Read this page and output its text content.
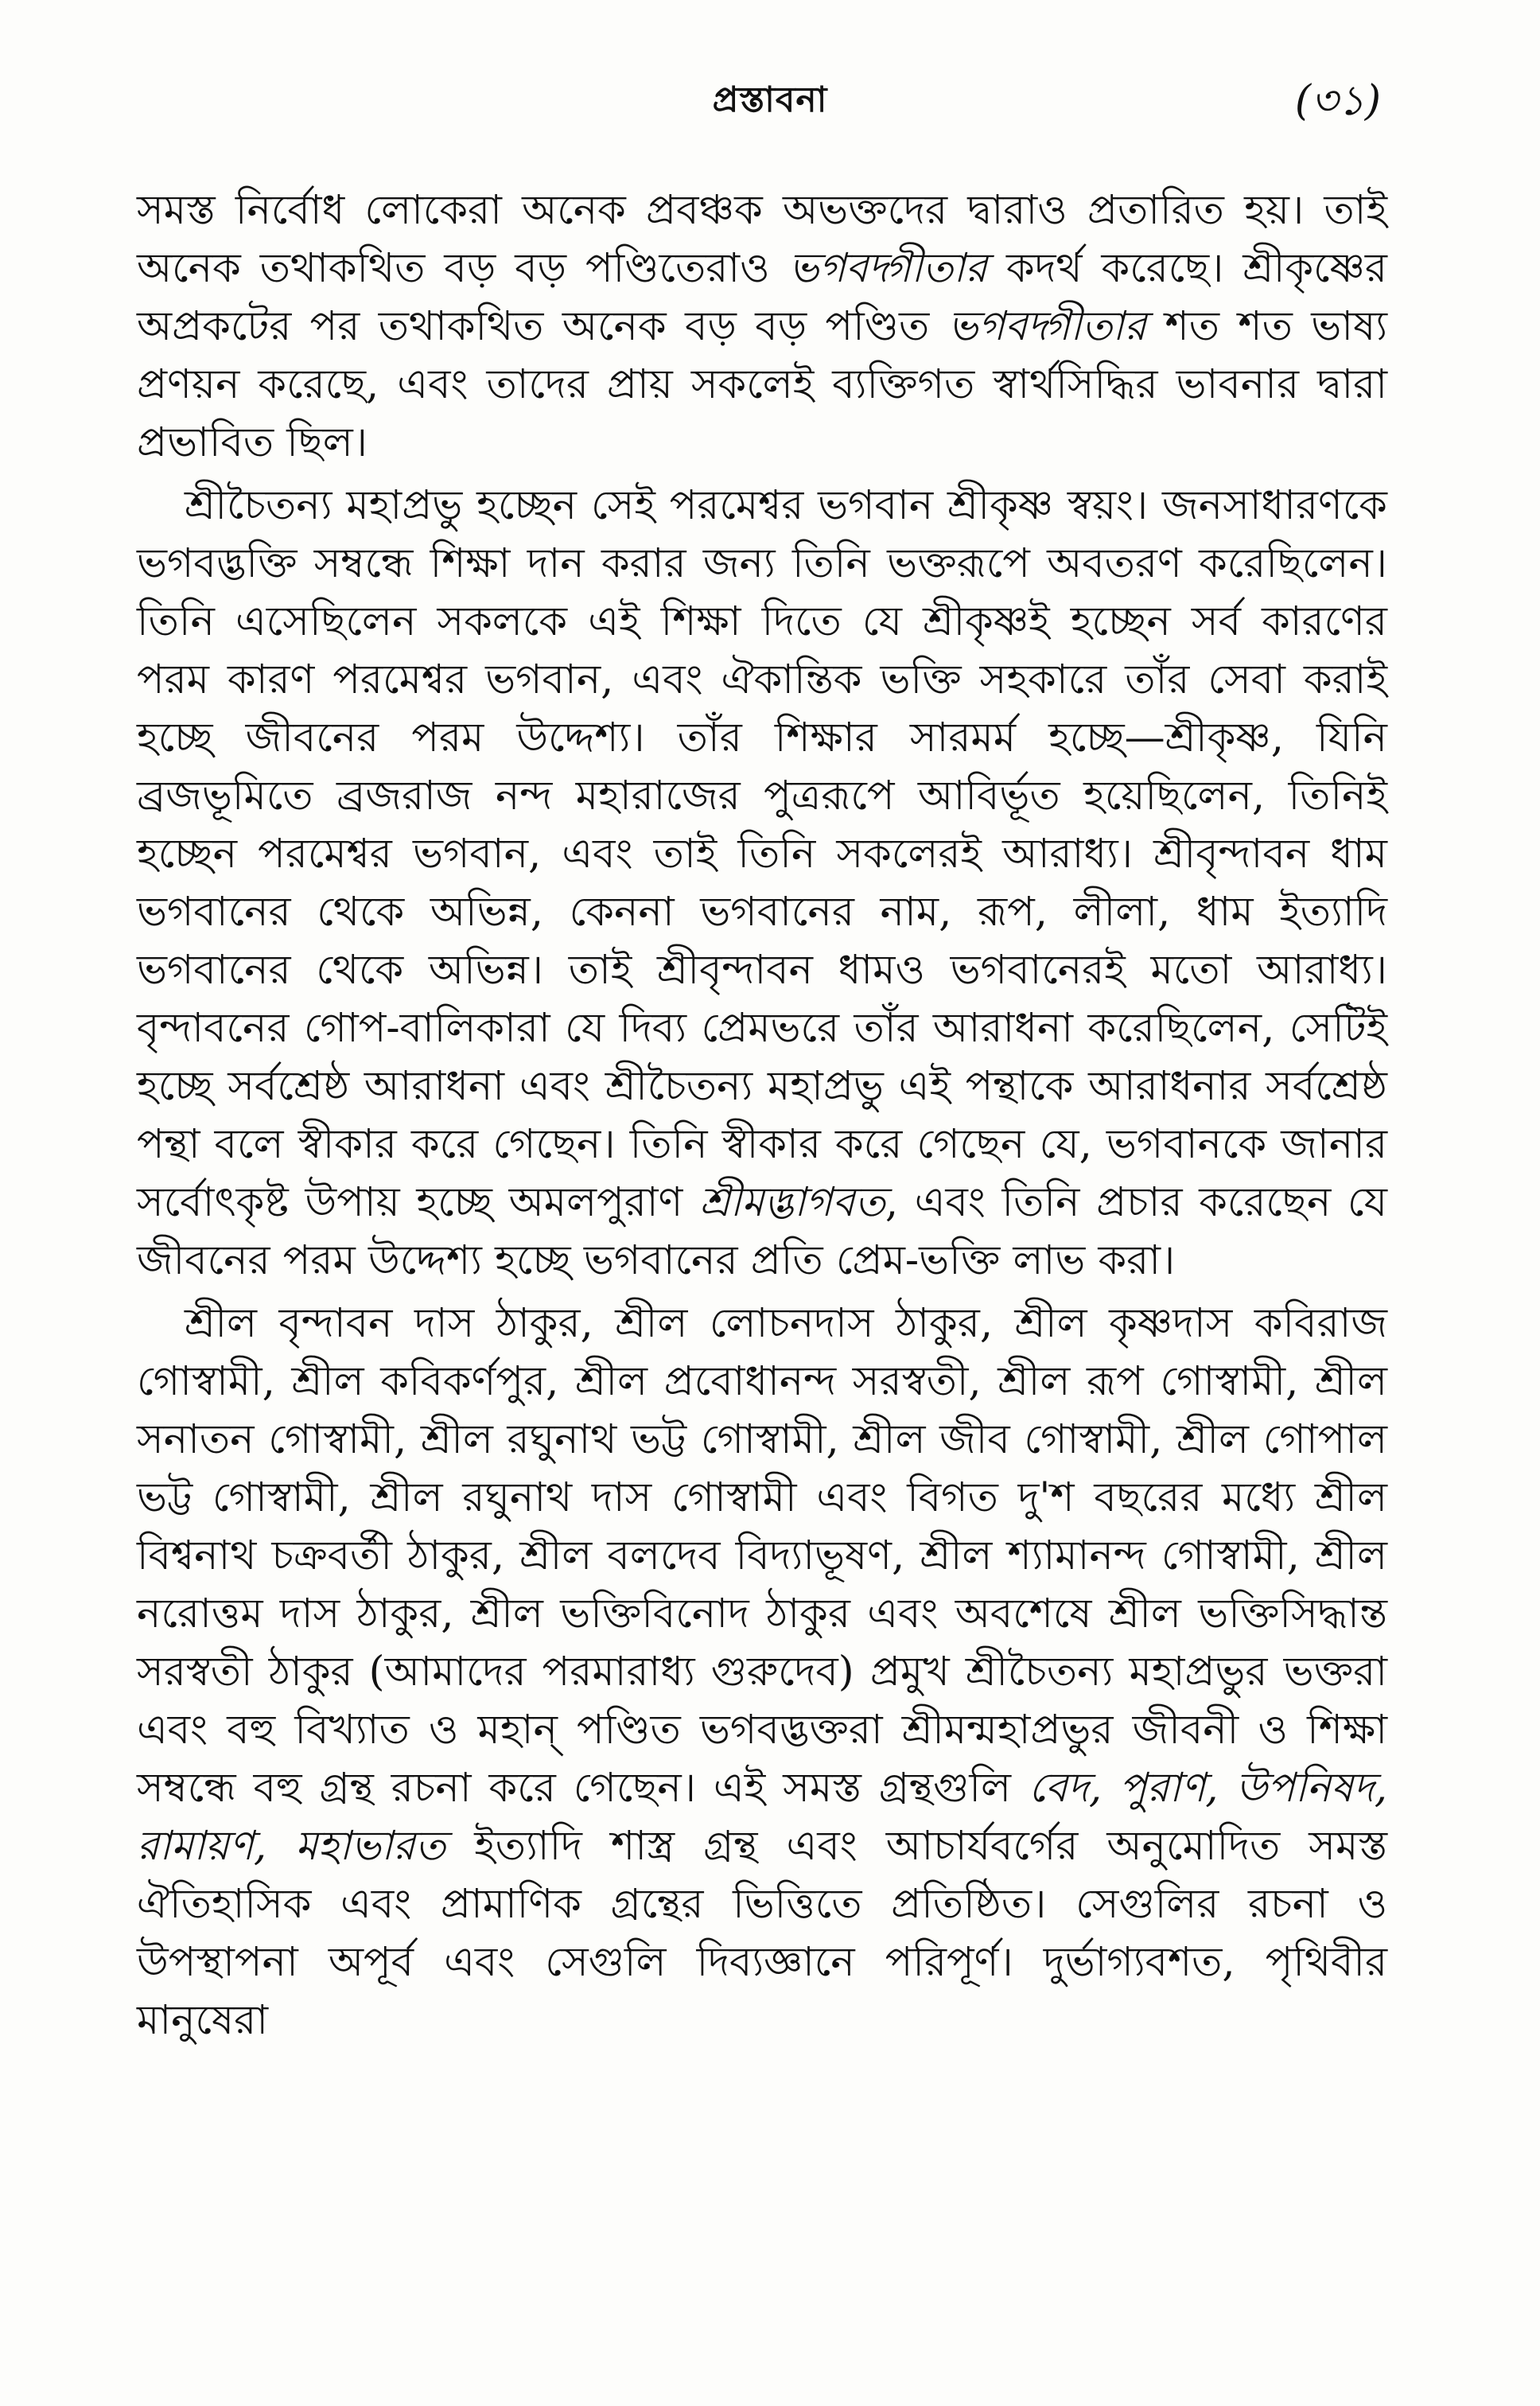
প্রস্তাবনা	(৩১)

সমস্ত নির্বোধ লোকেরা অনেক প্রবঞ্চক অভক্তদের দ্বারাও প্রতারিত হয়। তাই অনেক তথাকথিত বড় বড় পণ্ডিতেরাও ভগবদ্গীতার কদর্থ করেছে। শ্রীকৃষ্ণের অপ্রকটের পর তথাকথিত অনেক বড় বড় পণ্ডিত ভগবদ্গীতার শত শত ভাষ্য প্রণয়ন করেছে, এবং তাদের প্রায় সকলেই ব্যক্তিগত স্বার্থসিদ্ধির ভাবনার দ্বারা প্রভাবিত ছিল।

শ্রীচৈতন্য মহাপ্রভু হচ্ছেন সেই পরমেশ্বর ভগবান শ্রীকৃষ্ণ স্বয়ং। জনসাধারণকে ভগবদ্ভক্তি সম্বন্ধে শিক্ষা দান করার জন্য তিনি ভক্তরূপে অবতরণ করেছিলেন। তিনি এসেছিলেন সকলকে এই শিক্ষা দিতে যে শ্রীকৃষ্ণই হচ্ছেন সর্ব কারণের পরম কারণ পরমেশ্বর ভগবান, এবং ঐকান্তিক ভক্তি সহকারে তাঁর সেবা করাই হচ্ছে জীবনের পরম উদ্দেশ্য। তাঁর শিক্ষার সারমর্ম হচ্ছে—শ্রীকৃষ্ণ, যিনি ব্রজভূমিতে ব্রজরাজ নন্দ মহারাজের পুত্ররূপে আবির্ভূত হয়েছিলেন, তিনিই হচ্ছেন পরমেশ্বর ভগবান, এবং তাই তিনি সকলেরই আরাধ্য। শ্রীবৃন্দাবন ধাম ভগবানের থেকে অভিন্ন, কেননা ভগবানের নাম, রূপ, লীলা, ধাম ইত্যাদি ভগবানের থেকে অভিন্ন। তাই শ্রীবৃন্দাবন ধামও ভগবানেরই মতো আরাধ্য। বৃন্দাবনের গোপ-বালিকারা যে দিব্য প্রেমভরে তাঁর আরাধনা করেছিলেন, সেটিই হচ্ছে সর্বশ্রেষ্ঠ আরাধনা এবং শ্রীচৈতন্য মহাপ্রভু এই পন্থাকে আরাধনার সর্বশ্রেষ্ঠ পন্থা বলে স্বীকার করে গেছেন। তিনি স্বীকার করে গেছেন যে, ভগবানকে জানার সর্বোৎকৃষ্ট উপায় হচ্ছে অমলপুরাণ শ্রীমদ্ভাগবত, এবং তিনি প্রচার করেছেন যে জীবনের পরম উদ্দেশ্য হচ্ছে ভগবানের প্রতি প্রেম-ভক্তি লাভ করা।

শ্রীল বৃন্দাবন দাস ঠাকুর, শ্রীল লোচনদাস ঠাকুর, শ্রীল কৃষ্ণদাস কবিরাজ গোস্বামী, শ্রীল কবিকর্ণপুর, শ্রীল প্রবোধানন্দ সরস্বতী, শ্রীল রূপ গোস্বামী, শ্রীল সনাতন গোস্বামী, শ্রীল রঘুনাথ ভট্ট গোস্বামী, শ্রীল জীব গোস্বামী, শ্রীল গোপাল ভট্ট গোস্বামী, শ্রীল রঘুনাথ দাস গোস্বামী এবং বিগত দু'শ বছরের মধ্যে শ্রীল বিশ্বনাথ চক্রবর্তী ঠাকুর, শ্রীল বলদেব বিদ্যাভূষণ, শ্রীল শ্যামানন্দ গোস্বামী, শ্রীল নরোত্তম দাস ঠাকুর, শ্রীল ভক্তিবিনোদ ঠাকুর এবং অবশেষে শ্রীল ভক্তিসিদ্ধান্ত সরস্বতী ঠাকুর (আমাদের পরমারাধ্য গুরুদেব) প্রমুখ শ্রীচৈতন্য মহাপ্রভুর ভক্তরা এবং বহু বিখ্যাত ও মহান্ পণ্ডিত ভগবদ্ভক্তরা শ্রীমন্মহাপ্রভুর জীবনী ও শিক্ষা সম্বন্ধে বহু গ্রন্থ রচনা করে গেছেন। এই সমস্ত গ্রন্থগুলি বেদ, পুরাণ, উপনিষদ, রামায়ণ, মহাভারত ইত্যাদি শাস্ত্র গ্রন্থ এবং আচার্যবর্গের অনুমোদিত সমস্ত ঐতিহাসিক এবং প্রামাণিক গ্রন্থের ভিত্তিতে প্রতিষ্ঠিত। সেগুলির রচনা ও উপস্থাপনা অপূর্ব এবং সেগুলি দিব্যজ্ঞানে পরিপূর্ণ। দুর্ভাগ্যবশত, পৃথিবীর মানুষেরা
